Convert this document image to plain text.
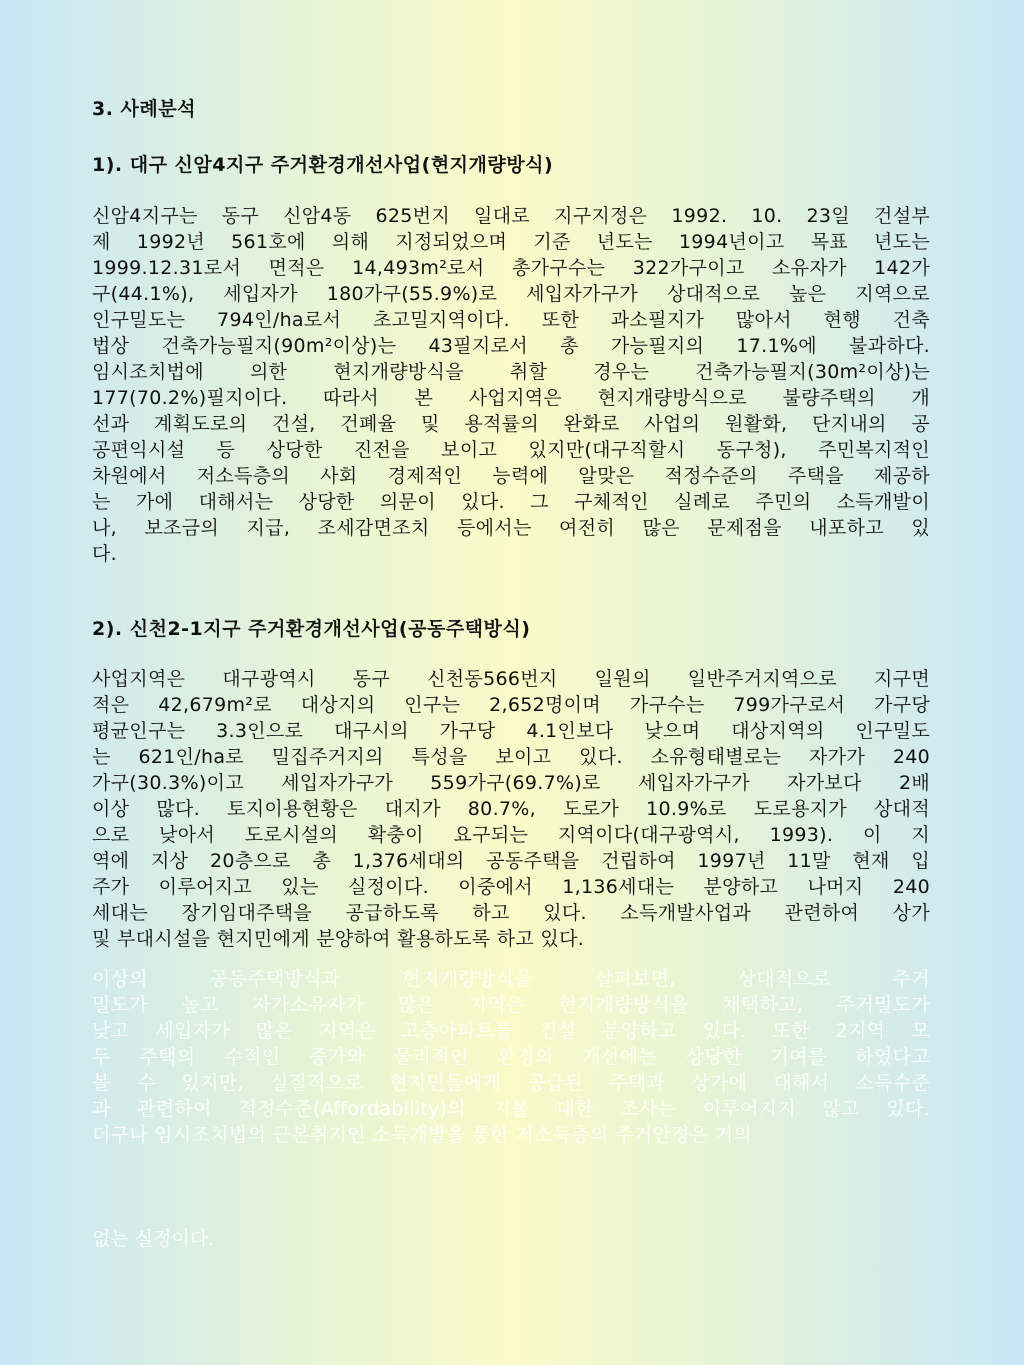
3. 사례분석
1). 대구 신암4지구 주거환경개선사업(현지개량방식)
신암4지구는 동구 신암4동 625번지 일대로 지구지정은 1992. 10. 23일 건설부
제 1992년 561호에 의해 지정되었으며 기준 년도는 1994년이고 목표 년도는
1999.12.31로서 면적은 14,493m²로서 총가구수는 322가구이고 소유자가 142가
구(44.1%), 세입자가 180가구(55.9%)로 세입자가구가 상대적으로 높은 지역으로
인구밀도는 794인/ha로서 초고밀지역이다. 또한 과소필지가 많아서 현행 건축
법상 건축가능필지(90m²이상)는 43필지로서 총 가능필지의 17.1%에 불과하다.
임시조치법에 의한 현지개량방식을 취할 경우는 건축가능필지(30m²이상)는
177(70.2%)필지이다. 따라서 본 사업지역은 현지개량방식으로 불량주택의 개
선과 계획도로의 건설, 건폐율 및 용적률의 완화로 사업의 원활화, 단지내의 공
공편익시설 등 상당한 진전을 보이고 있지만(대구직할시 동구청), 주민복지적인
차원에서 저소득층의 사회 경제적인 능력에 알맞은 적정수준의 주택을 제공하
는 가에 대해서는 상당한 의문이 있다. 그 구체적인 실례로 주민의 소득개발이
나, 보조금의 지급, 조세감면조치 등에서는 여전히 많은 문제점을 내포하고 있
다.
2). 신천2-1지구 주거환경개선사업(공동주택방식)
사업지역은 대구광역시 동구 신천동566번지 일원의 일반주거지역으로 지구면
적은 42,679m²로 대상지의 인구는 2,652명이며 가구수는 799가구로서 가구당
평균인구는 3.3인으로 대구시의 가구당 4.1인보다 낮으며 대상지역의 인구밀도
는 621인/ha로 밀집주거지의 특성을 보이고 있다. 소유형태별로는 자가가 240
가구(30.3%)이고 세입자가구가 559가구(69.7%)로 세입자가구가 자가보다 2배
이상 많다. 토지이용현황은 대지가 80.7%, 도로가 10.9%로 도로용지가 상대적
으로 낮아서 도로시설의 확충이 요구되는 지역이다(대구광역시, 1993). 이 지
역에 지상 20층으로 총 1,376세대의 공동주택을 건립하여 1997년 11말 현재 입
주가 이루어지고 있는 실정이다. 이중에서 1,136세대는 분양하고 나머지 240
세대는 장기임대주택을 공급하도록 하고 있다. 소득개발사업과 관련하여 상가
및 부대시설을 현지민에게 분양하여 활용하도록 하고 있다.
이상의 공동주택방식과 현지개량방식을 살펴보면, 상대적으로 주거
밀도가 높고 자가소유자가 많은 지역은 현지개량방식을 채택하고, 주거밀도가
낮고 세입자가 많은 지역은 고층아파트를 건설 분양하고 있다. 또한 2지역 모
두 주택의 수적인 증가와 물리적인 환경의 개선에는 상당한 기여를 하였다고
볼 수 있지만, 실질적으로 현지민들에게 공급된 주택과 상가에 대해서 소득수준
과 관련하여 적정수준(Affordability)의 지불 대한 조사는 이루어지지 않고 있다.
더구나 임시조치법의 근본취지인 소득개발을 통한 저소득층의 주거안정은 거의
없는 실정이다.
